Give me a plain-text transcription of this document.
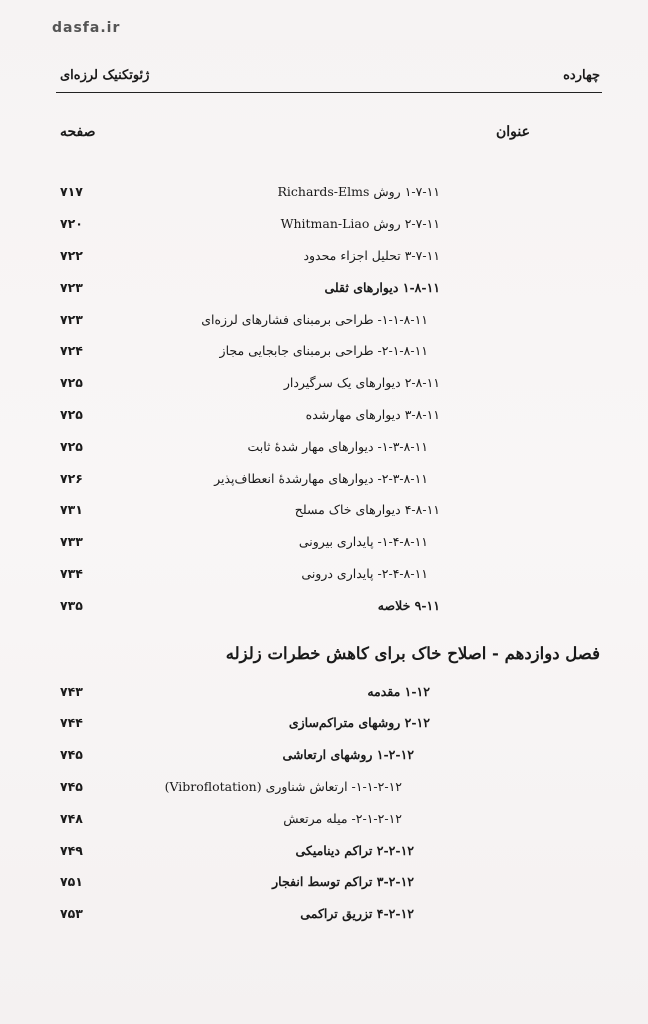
dasfa.ir
چهارده
ژئوتکنیک لرزه‌ای
عنوان
صفحه
۱-۷-۱۱ روش Richards-Elms
۷۱۷
۲-۷-۱۱ روش Whitman-Liao
۷۲۰
۳-۷-۱۱ تحلیل اجزاء محدود
۷۲۲
۱-۸-۱۱ دیوارهای ثقلی
۷۲۳
۱-۱-۸-۱۱- طراحی برمبنای فشارهای لرزه‌ای
۷۲۳
۲-۱-۸-۱۱- طراحی برمبنای جابجایی مجاز
۷۲۴
۲-۸-۱۱ دیوارهای یک سرگیردار
۷۲۵
۳-۸-۱۱ دیوارهای مهارشده
۷۲۵
۱-۳-۸-۱۱- دیوارهای مهار شدۀ ثابت
۷۲۵
۲-۳-۸-۱۱- دیوارهای مهارشدۀ انعطاف‌پذیر
۷۲۶
۴-۸-۱۱ دیوارهای خاک مسلح
۷۳۱
۱-۴-۸-۱۱- پایداری بیرونی
۷۳۳
۲-۴-۸-۱۱- پایداری درونی
۷۳۴
۹-۱۱ خلاصه
۷۳۵
فصل دوازدهم - اصلاح خاک برای کاهش خطرات زلزله
۱-۱۲ مقدمه
۷۴۳
۲-۱۲ روشهای متراکم‌سازی
۷۴۴
۱-۲-۱۲ روشهای ارتعاشی
۷۴۵
۱-۱-۲-۱۲- ارتعاش شناوری (Vibroflotation)
۷۴۵
۲-۱-۲-۱۲- میله مرتعش
۷۴۸
۲-۲-۱۲ تراکم دینامیکی
۷۴۹
۳-۲-۱۲ تراکم توسط انفجار
۷۵۱
۴-۲-۱۲ تزریق تراکمی
۷۵۳
